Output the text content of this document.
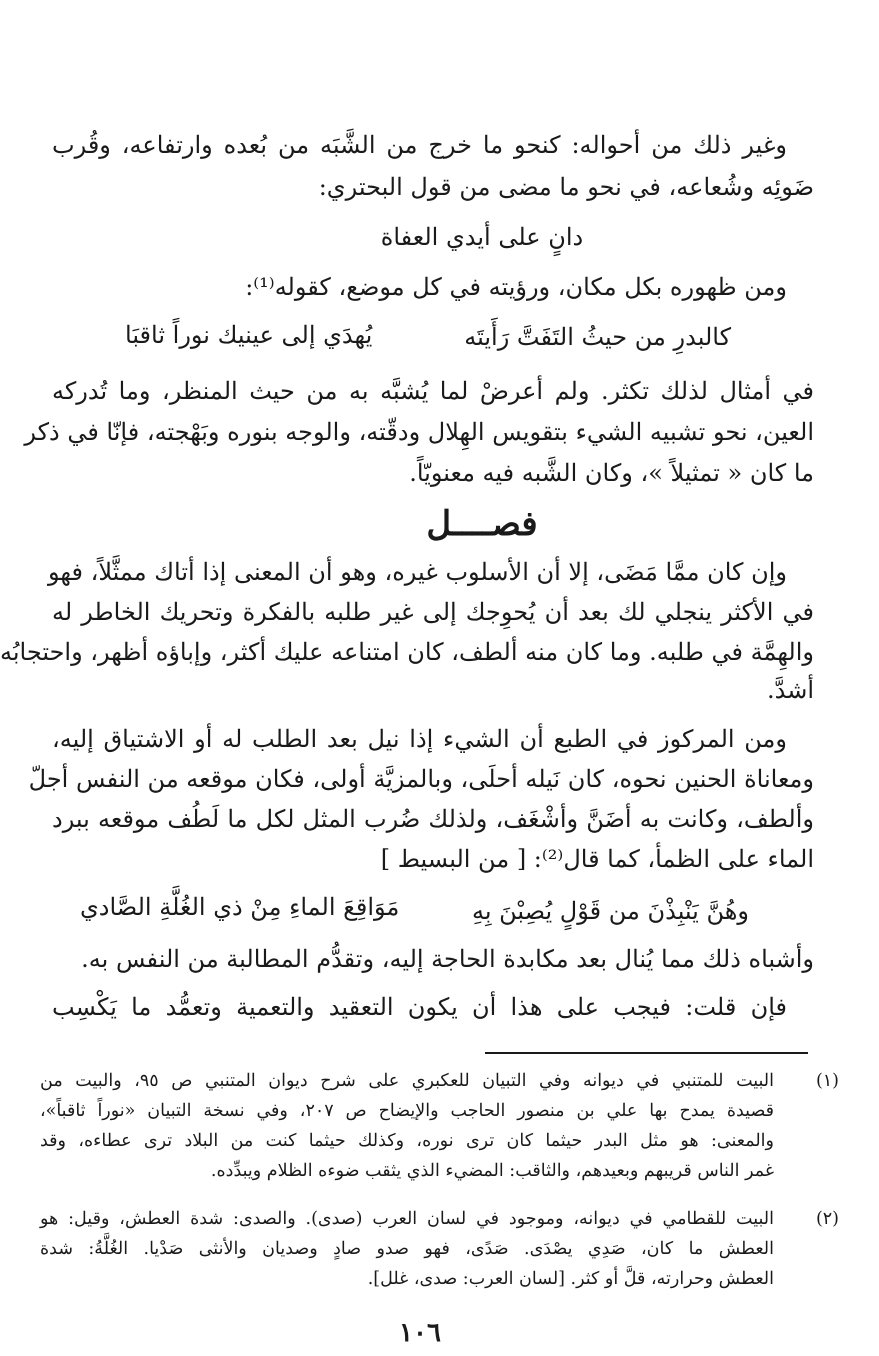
وغير ذلك من أحواله: كنحو ما خرج من الشَّبَه من بُعده وارتفاعه، وقُرب
ضَوئِه وشُعاعه، في نحو ما مضى من قول البحتري:
دانٍ على أيدي العفاة
ومن ظهوره بكل مكان، ورؤيته في كل موضع، كقوله⁽¹⁾:
كالبدرِ من حيثُ التَفَتَّ رَأَيتَه
يُهدَي إلى عينيك نوراً ثاقبَا
في أمثال لذلك تكثر. ولم أعرضْ لما يُشبَّه به من حيث المنظر، وما تُدركه
العين، نحو تشبيه الشيء بتقويس الهِلال ودقّته، والوجه بنوره وبَهْجته، فإنّا في ذكر
ما كان « تمثيلاً »، وكان الشَّبه فيه معنويّاً.
فصــــل
وإن كان ممَّا مَضَى، إلا أن الأسلوب غيره، وهو أن المعنى إذا أتاك ممثَّلاً، فهو
في الأكثر ينجلي لك بعد أن يُحوِجك إلى غير طلبه بالفكرة وتحريك الخاطر له
والهِمَّة في طلبه. وما كان منه ألطف، كان امتناعه عليك أكثر، وإباؤه أظهر، واحتجابُه
أشدَّ.
ومن المركوز في الطبع أن الشيء إذا نيل بعد الطلب له أو الاشتياق إليه،
ومعاناة الحنين نحوه، كان نَيله أحلَى، وبالمزيَّة أولى، فكان موقعه من النفس أجلّ
وألطف، وكانت به أضَنَّ وأشْغَف، ولذلك ضُرب المثل لكل ما لَطُف موقعه ببرد
الماء على الظمأ، كما قال⁽²⁾: [ من البسيط ]
وهُنَّ يَنْبِذْنَ من قَوْلٍ يُصِبْنَ بِهِ
مَوَاقِعَ الماءِ مِنْ ذي الغُلَّةِ الصَّادي
وأشباه ذلك مما يُنال بعد مكابدة الحاجة إليه، وتقدُّم المطالبة من النفس به.
فإن قلت: فيجب على هذا أن يكون التعقيد والتعمية وتعمُّد ما يَكْسِب
(١)
البيت للمتنبي في ديوانه وفي التبيان للعكبري على شرح ديوان المتنبي ص ٩٥، والبيت من
قصيدة يمدح بها علي بن منصور الحاجب والإيضاح ص ٢٠٧، وفي نسخة التبيان «نوراً ثاقباً»،
والمعنى: هو مثل البدر حيثما كان ترى نوره، وكذلك حيثما كنت من البلاد ترى عطاءه، وقد
غمر الناس قريبهم وبعيدهم، والثاقب: المضيء الذي يثقب ضوءه الظلام ويبدِّده.
(٢)
البيت للقطامي في ديوانه، وموجود في لسان العرب (صدى). والصدى: شدة العطش، وقيل: هو
العطش ما كان، صَدِي يصْدَى. صَدًى، فهو صدو صادٍ وصديان والأنثى صَدْيا. الغُلَّةُ: شدة
العطش وحرارته، قلَّ أو كثر. [لسان العرب: صدى، غلل].
١٠٦
